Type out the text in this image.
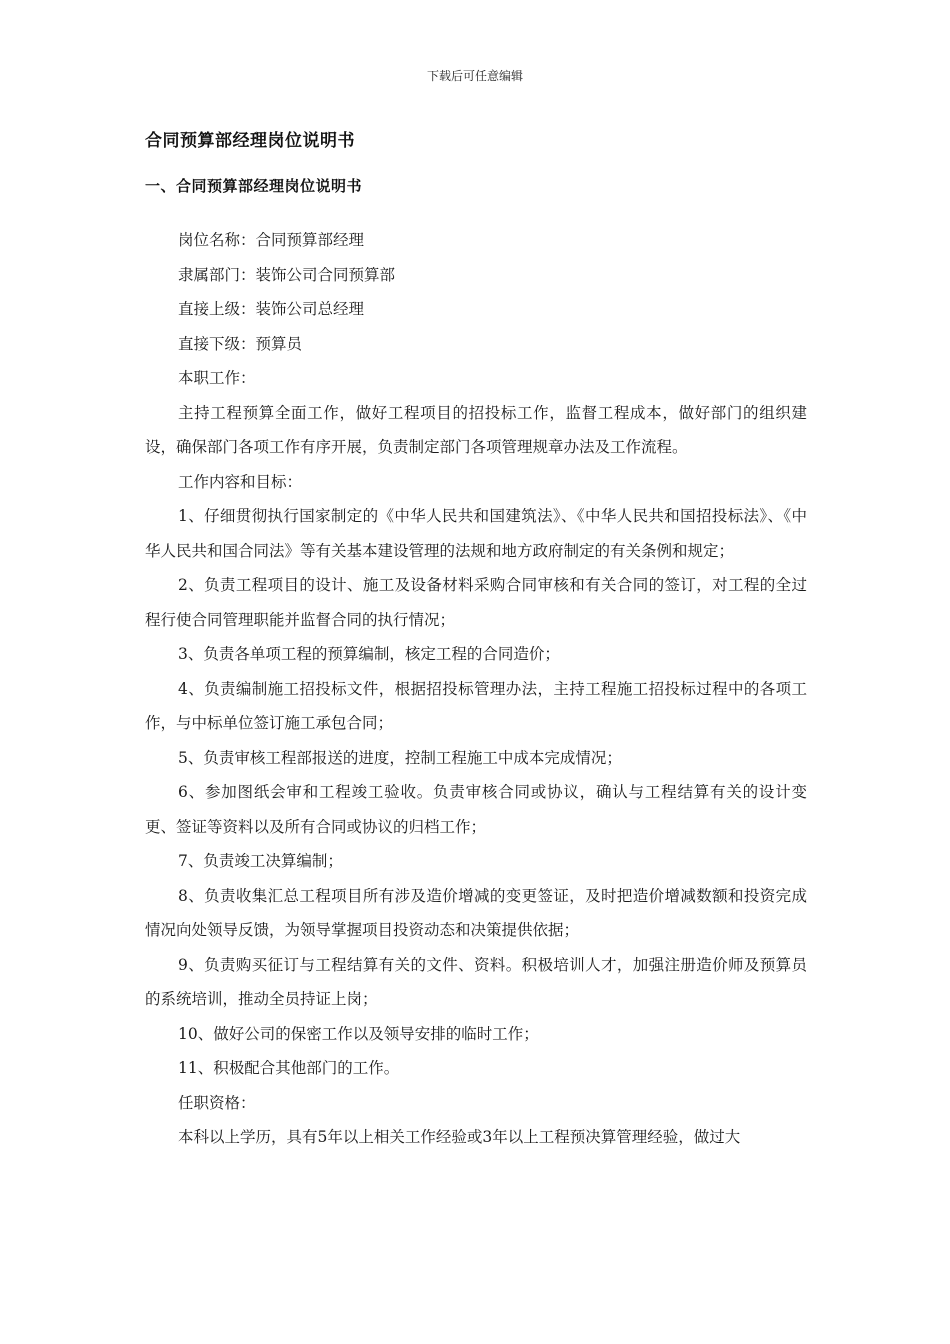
下载后可任意编辑
合同预算部经理岗位说明书
一、合同预算部经理岗位说明书

岗位名称：合同预算部经理

隶属部门：装饰公司合同预算部

直接上级：装饰公司总经理

直接下级：预算员

本职工作：

主持工程预算全面工作，做好工程项目的招投标工作，监督工程成本，做好部门的组织建设，确保部门各项工作有序开展，负责制定部门各项管理规章办法及工作流程。

工作内容和目标：

1、仔细贯彻执行国家制定的《中华人民共和国建筑法》、《中华人民共和国招投标法》、《中华人民共和国合同法》等有关基本建设管理的法规和地方政府制定的有关条例和规定；

2、负责工程项目的设计、施工及设备材料采购合同审核和有关合同的签订，对工程的全过程行使合同管理职能并监督合同的执行情况；

3、负责各单项工程的预算编制，核定工程的合同造价；

4、负责编制施工招投标文件，根据招投标管理办法，主持工程施工招投标过程中的各项工作，与中标单位签订施工承包合同；

5、负责审核工程部报送的进度，控制工程施工中成本完成情况；

6、参加图纸会审和工程竣工验收。负责审核合同或协议，确认与工程结算有关的设计变更、签证等资料以及所有合同或协议的归档工作；

7、负责竣工决算编制；

8、负责收集汇总工程项目所有涉及造价增减的变更签证，及时把造价增减数额和投资完成情况向处领导反馈，为领导掌握项目投资动态和决策提供依据；

9、负责购买征订与工程结算有关的文件、资料。积极培训人才，加强注册造价师及预算员的系统培训，推动全员持证上岗；

10、做好公司的保密工作以及领导安排的临时工作；

11、积极配合其他部门的工作。

任职资格：

本科以上学历，具有5年以上相关工作经验或3年以上工程预决算管理经验，做过大
